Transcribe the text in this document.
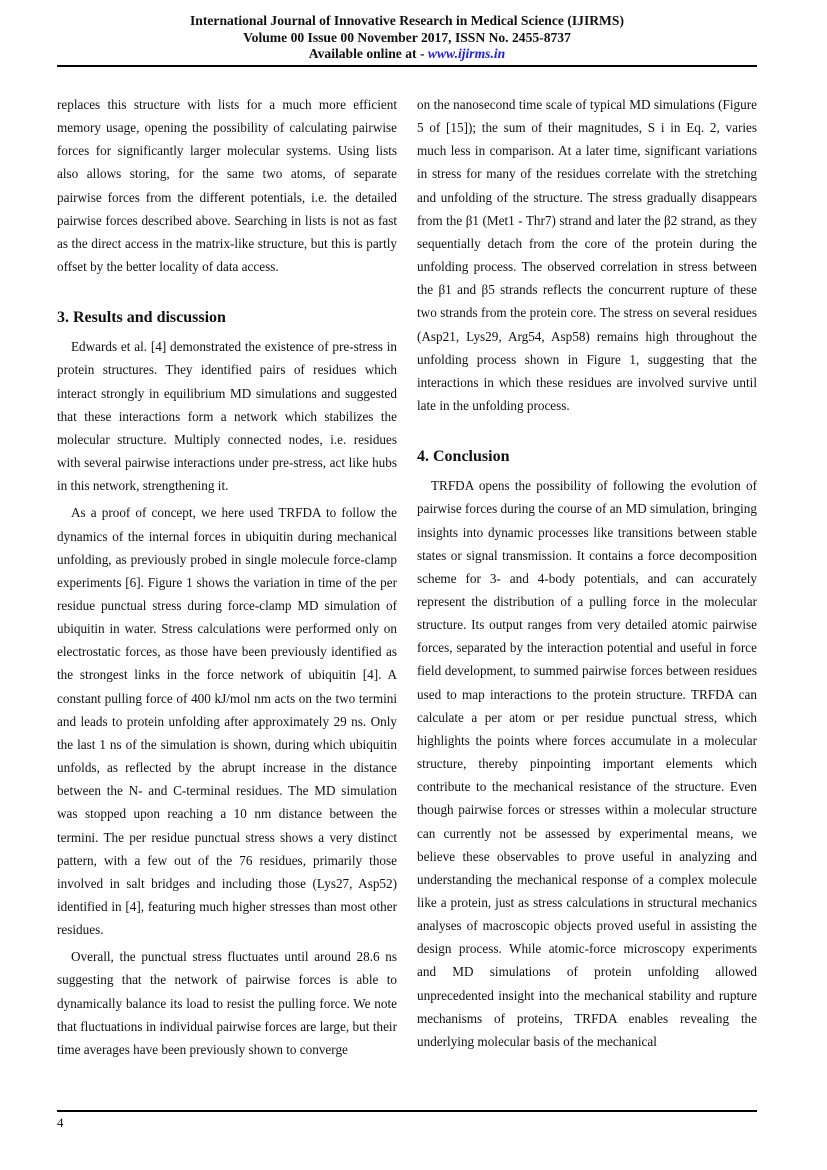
International Journal of Innovative Research in Medical Science (IJIRMS)
Volume 00 Issue 00 November 2017, ISSN No. 2455-8737
Available online at - www.ijirms.in

replaces this structure with lists for a much more efficient memory usage, opening the possibility of calculating pairwise forces for significantly larger molecular systems. Using lists also allows storing, for the same two atoms, of separate pairwise forces from the different potentials, i.e. the detailed pairwise forces described above. Searching in lists is not as fast as the direct access in the matrix-like structure, but this is partly offset by the better locality of data access.

3. Results and discussion

Edwards et al. [4] demonstrated the existence of pre-stress in protein structures. They identified pairs of residues which interact strongly in equilibrium MD simulations and suggested that these interactions form a network which stabilizes the molecular structure. Multiply connected nodes, i.e. residues with several pairwise interactions under pre-stress, act like hubs in this network, strengthening it.

As a proof of concept, we here used TRFDA to follow the dynamics of the internal forces in ubiquitin during mechanical unfolding, as previously probed in single molecule force-clamp experiments [6]. Figure 1 shows the variation in time of the per residue punctual stress during force-clamp MD simulation of ubiquitin in water. Stress calculations were performed only on electrostatic forces, as those have been previously identified as the strongest links in the force network of ubiquitin [4]. A constant pulling force of 400 kJ/mol nm acts on the two termini and leads to protein unfolding after approximately 29 ns. Only the last 1 ns of the simulation is shown, during which ubiquitin unfolds, as reflected by the abrupt increase in the distance between the N- and C-terminal residues. The MD simulation was stopped upon reaching a 10 nm distance between the termini. The per residue punctual stress shows a very distinct pattern, with a few out of the 76 residues, primarily those involved in salt bridges and including those (Lys27, Asp52) identified in [4], featuring much higher stresses than most other residues.

Overall, the punctual stress fluctuates until around 28.6 ns suggesting that the network of pairwise forces is able to dynamically balance its load to resist the pulling force. We note that fluctuations in individual pairwise forces are large, but their time averages have been previously shown to converge

on the nanosecond time scale of typical MD simulations (Figure 5 of [15]); the sum of their magnitudes, S i in Eq. 2, varies much less in comparison. At a later time, significant variations in stress for many of the residues correlate with the stretching and unfolding of the structure. The stress gradually disappears from the β1 (Met1 - Thr7) strand and later the β2 strand, as they sequentially detach from the core of the protein during the unfolding process. The observed correlation in stress between the β1 and β5 strands reflects the concurrent rupture of these two strands from the protein core. The stress on several residues (Asp21, Lys29, Arg54, Asp58) remains high throughout the unfolding process shown in Figure 1, suggesting that the interactions in which these residues are involved survive until late in the unfolding process.

4. Conclusion

TRFDA opens the possibility of following the evolution of pairwise forces during the course of an MD simulation, bringing insights into dynamic processes like transitions between stable states or signal transmission. It contains a force decomposition scheme for 3- and 4-body potentials, and can accurately represent the distribution of a pulling force in the molecular structure. Its output ranges from very detailed atomic pairwise forces, separated by the interaction potential and useful in force field development, to summed pairwise forces between residues used to map interactions to the protein structure. TRFDA can calculate a per atom or per residue punctual stress, which highlights the points where forces accumulate in a molecular structure, thereby pinpointing important elements which contribute to the mechanical resistance of the structure. Even though pairwise forces or stresses within a molecular structure can currently not be assessed by experimental means, we believe these observables to prove useful in analyzing and understanding the mechanical response of a complex molecule like a protein, just as stress calculations in structural mechanics analyses of macroscopic objects proved useful in assisting the design process. While atomic-force microscopy experiments and MD simulations of protein unfolding allowed unprecedented insight into the mechanical stability and rupture mechanisms of proteins, TRFDA enables revealing the underlying molecular basis of the mechanical

4
